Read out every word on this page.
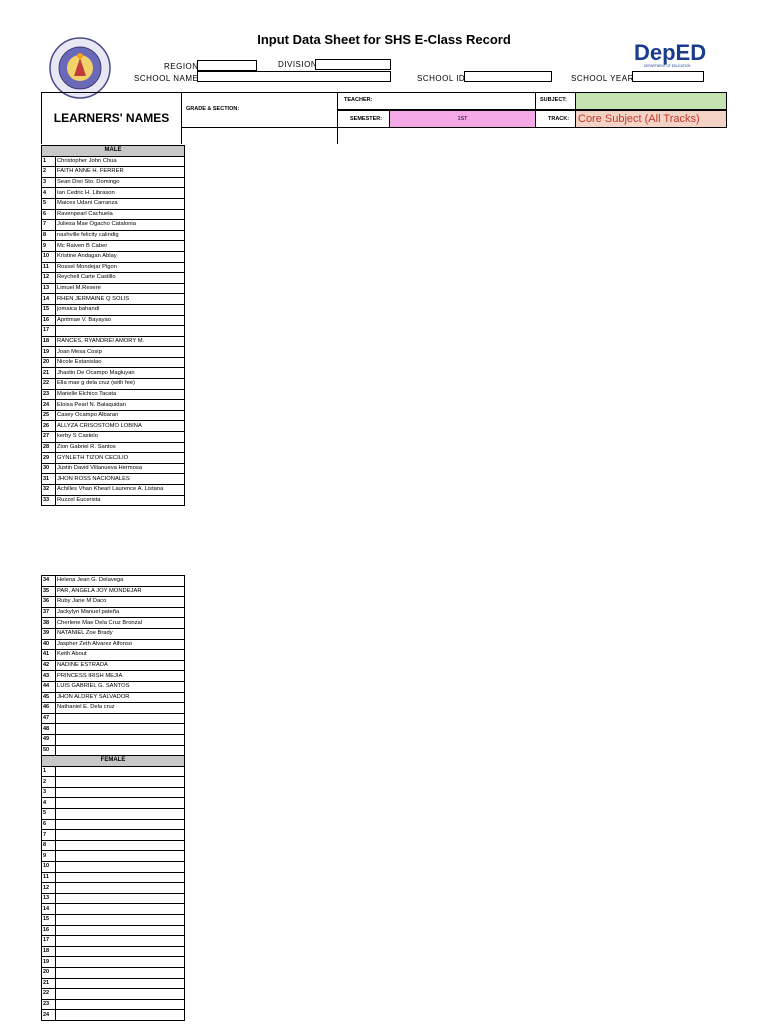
Input Data Sheet for SHS E-Class Record
DepED
DEPARTMENT OF EDUCATION
REGION	DIVISION
SCHOOL NAME	SCHOOL ID	SCHOOL YEAR
LEARNERS' NAMES
GRADE & SECTION:
TEACHER:	SUBJECT:
SEMESTER:	1ST	TRACK: Core Subject (All Tracks)
MALE	
1	Christopher John Chua
2	FAITH ANNE H. FERRER
3	Sean Drei Sto. Domingo
4	Ian Cedric H. Librason
5	Maices Udani Carranza
6	Ravenpearl Cachuela
7	Juliesa Mae Ogacho Catalonia
8	nashville felicity calindig
9	Mc Raiven B Caber
10	Kristine Andagan Ablay
11	Rossel Mondejar Pigon
12	Reychell Carte Castillo
13	Limuel M.Resere
14	RHEN JERMAINE Q SOLIS
15	jomaica bahandi
16	Apritmae V. Bayayao
17	
18	RANCES, RYANDREI AMORY M.
19	Joan Mesa Cosip
20	Nicole Estanislao
21	Jhastin De Ocampo Magluyan
22	Ella mae g dela cruz (with fee)
23	Marielle Elchico Tacata
24	Eloisa Pearl N. Balaquidan
25	Casey Ocampo Albaran
26	ALLYZA CRISOSTOMO LOBINA
27	kerby S Castelo
28	Zion Gabriel R. Santos
29	GYNLETH TIZON CECILIO
30	Justin David Villanueva Hermosa
31	JHON ROSS NACIONALES
32	Achilles Vhan Khearl Laurence A. Listana
33	Ruzzel Eucerista
34	Helena Jean G. Delavega
35	PAR, ANGELA JOY MONDEJAR
36	Ruby Jane M Daco
37	Jackylyn Manuel pateña
38	Cherlene Mae Dela Cruz Bronzal
39	NATANIEL Zoe Brady
40	Jaspher Zeth Alvarez Alfonso
41	Keith About
42	NADINE ESTRADA
43	PRINCESS IRISH MEJIA
44	LUIS GABRIEL G. SANTOS
45	JHON ALDREY SALVADOR
46	Nathaniel E. Dela cruz
47	
48	
49	
50	
FEMALE	
1	
2	
3	
4	
5	
6	
7	
8	
9	
10	
11	
12	
13	
14	
15	
16	
17	
18	
19	
20	
21	
22	
23	
24	
